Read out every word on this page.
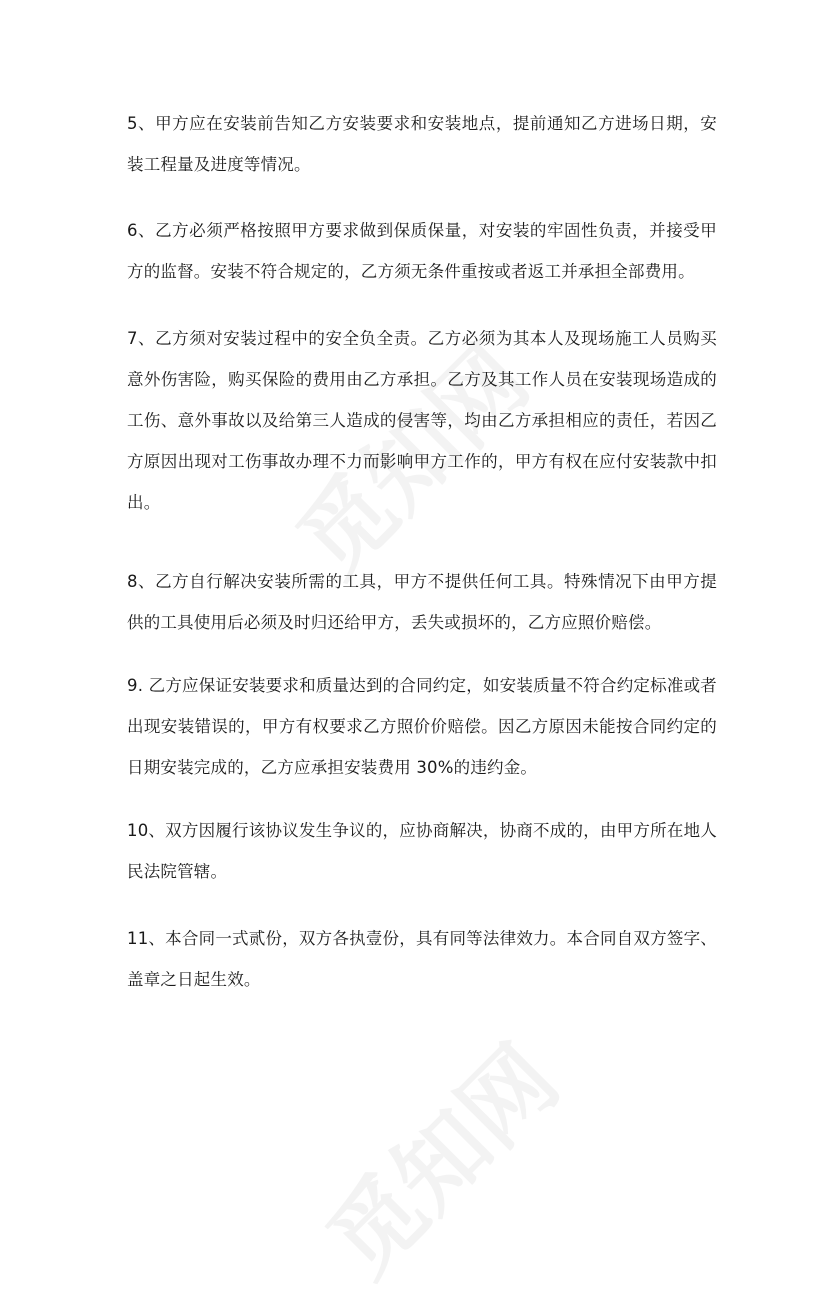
5、甲方应在安装前告知乙方安装要求和安装地点，提前通知乙方进场日期，安装工程量及进度等情况。

6、乙方必须严格按照甲方要求做到保质保量，对安装的牢固性负责，并接受甲方的监督。安装不符合规定的，乙方须无条件重按或者返工并承担全部费用。

7、乙方须对安装过程中的安全负全责。乙方必须为其本人及现场施工人员购买意外伤害险，购买保险的费用由乙方承担。乙方及其工作人员在安装现场造成的工伤、意外事故以及给第三人造成的侵害等，均由乙方承担相应的责任，若因乙方原因出现对工伤事故办理不力而影响甲方工作的，甲方有权在应付安装款中扣出。

8、乙方自行解决安装所需的工具，甲方不提供任何工具。特殊情况下由甲方提供的工具使用后必须及时归还给甲方，丢失或损坏的，乙方应照价赔偿。

9. 乙方应保证安装要求和质量达到的合同约定，如安装质量不符合约定标准或者出现安装错误的，甲方有权要求乙方照价价赔偿。因乙方原因未能按合同约定的日期安装完成的，乙方应承担安装费用 30%的违约金。

10、双方因履行该协议发生争议的，应协商解决，协商不成的，由甲方所在地人民法院管辖。

11、本合同一式贰份，双方各执壹份，具有同等法律效力。本合同自双方签字、盖章之日起生效。
